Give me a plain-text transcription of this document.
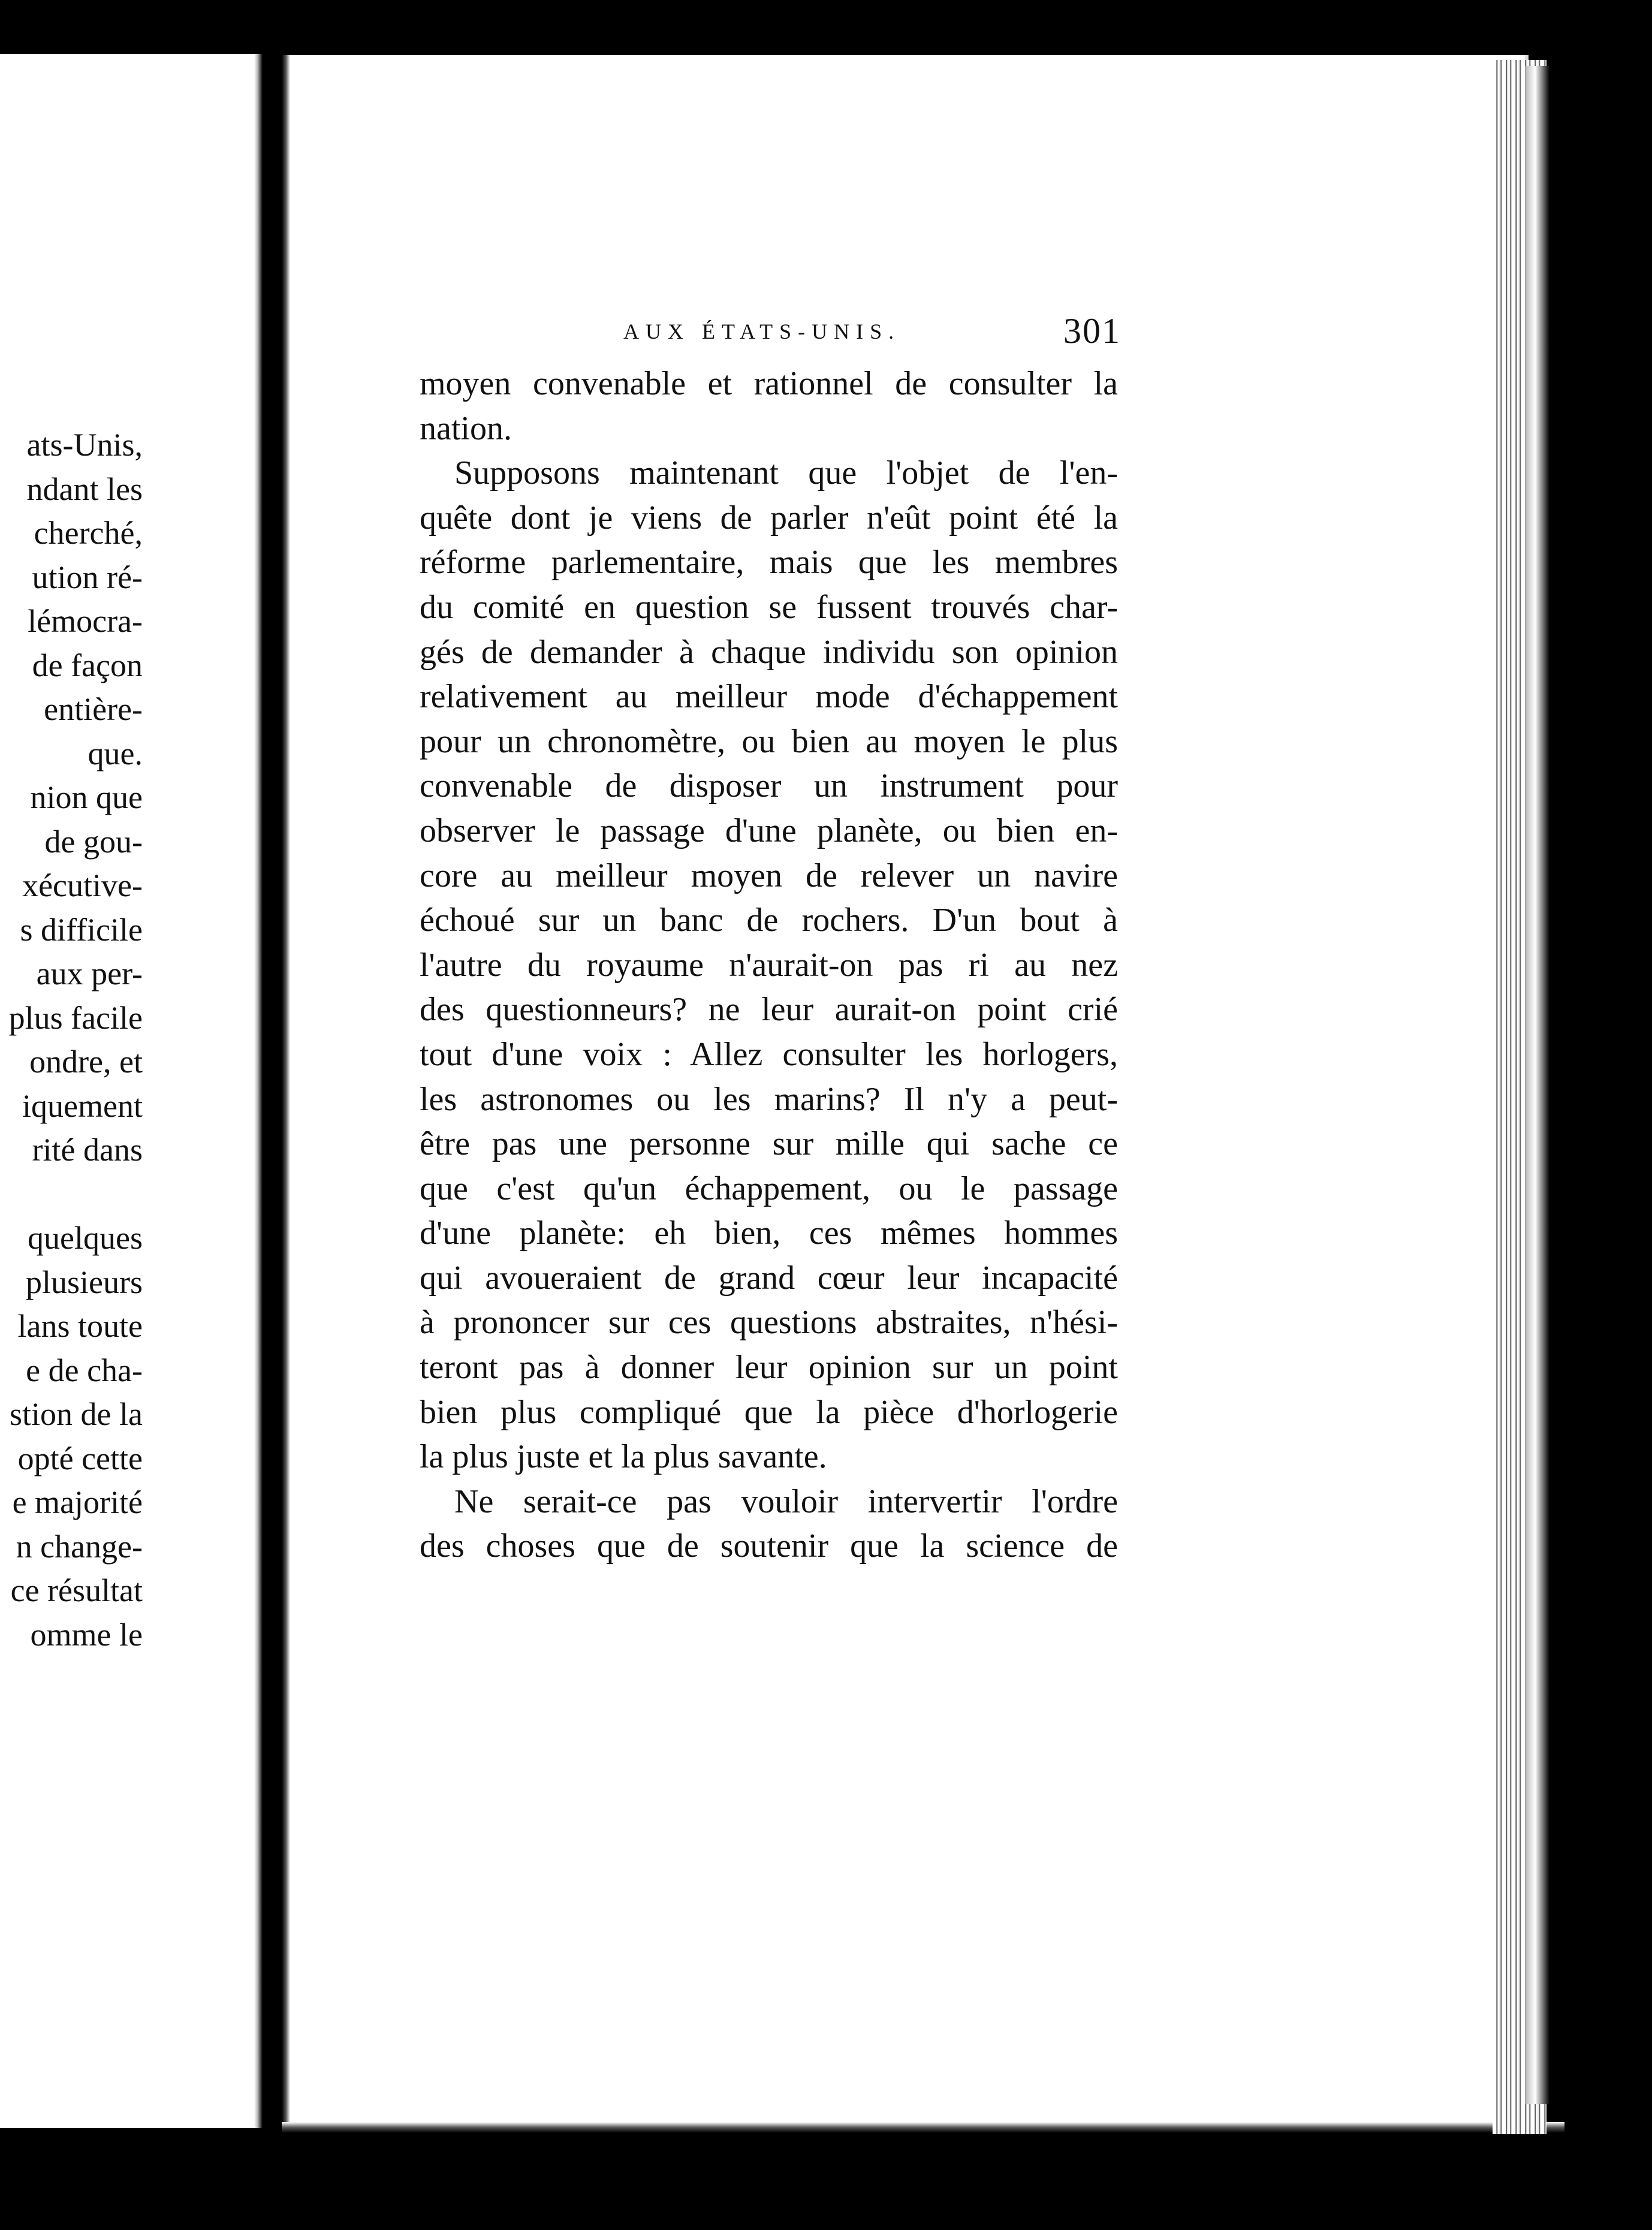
ats-Unis,
ndant les
cherché,
ution ré-
lémocra-
de façon
entière-
que.
nion que
de gou-
xécutive-
s difficile
aux per-
plus facile
ondre, et
iquement
rité dans
quelques
plusieurs
lans toute
e de cha-
stion de la
opté cette
e majorité
n change-
ce résultat
omme le
AUX ÉTATS-UNIS.	301
moyen convenable et rationnel de consulter la
nation.
Supposons maintenant que l'objet de l'en-
quête dont je viens de parler n'eût point été la
réforme parlementaire, mais que les membres
du comité en question se fussent trouvés char-
gés de demander à chaque individu son opinion
relativement au meilleur mode d'échappement
pour un chronomètre, ou bien au moyen le plus
convenable de disposer un instrument pour
observer le passage d'une planète, ou bien en-
core au meilleur moyen de relever un navire
échoué sur un banc de rochers. D'un bout à
l'autre du royaume n'aurait-on pas ri au nez
des questionneurs? ne leur aurait-on point crié
tout d'une voix : Allez consulter les horlogers,
les astronomes ou les marins? Il n'y a peut-
être pas une personne sur mille qui sache ce
que c'est qu'un échappement, ou le passage
d'une planète: eh bien, ces mêmes hommes
qui avoueraient de grand cœur leur incapacité
à prononcer sur ces questions abstraites, n'hési-
teront pas à donner leur opinion sur un point
bien plus compliqué que la pièce d'horlogerie
la plus juste et la plus savante.
Ne serait-ce pas vouloir intervertir l'ordre
des choses que de soutenir que la science de
